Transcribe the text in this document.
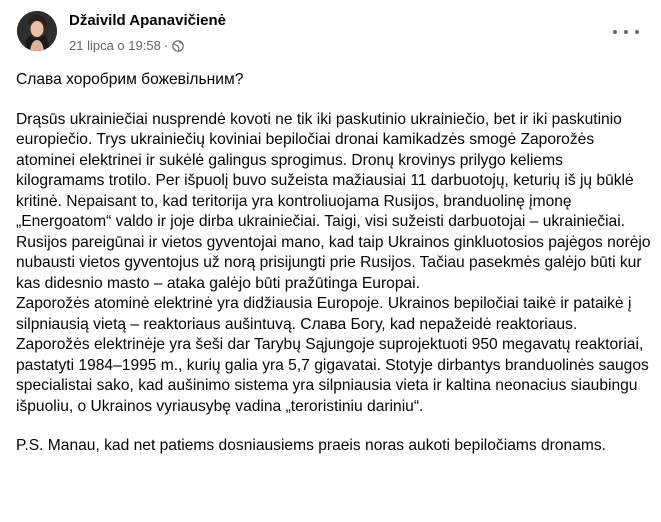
Džaivild Apanavičienė
21 lipca o 19:58 ·

Слава хоробрим божевільним?

Drąsūs ukrainiečiai nusprendė kovoti ne tik iki paskutinio ukrainiečio, bet ir iki paskutinio europiečio. Trys ukrainiečių koviniai bepiločiai dronai kamikadzės smogė Zaporožės atominei elektrinei ir sukėlė galingus sprogimus. Dronų krovinys prilygo keliems kilogramams trotilo. Per išpuolį buvo sužeista mažiausiai 11 darbuotojų, keturių iš jų būklė kritinė. Nepaisant to, kad teritorija yra kontroliuojama Rusijos, branduolinę įmonę „Energoatom“ valdo ir joje dirba ukrainiečiai. Taigi, visi sužeisti darbuotojai – ukrainiečiai.
Rusijos pareigūnai ir vietos gyventojai mano, kad taip Ukrainos ginkluotosios pajėgos norėjo nubausti vietos gyventojus už norą prisijungti prie Rusijos. Tačiau pasekmės galėjo būti kur kas didesnio masto – ataka galėjo būti pražūtinga Europai.
Zaporožės atominė elektrinė yra didžiausia Europoje. Ukrainos bepiločiai taikė ir pataikė į silpniausią vietą – reaktoriaus aušintuvą. Слава Богу, kad nepažeidė reaktoriaus. Zaporožės elektrinėje yra šeši dar Tarybų Sąjungoje suprojektuoti 950 megavatų reaktoriai, pastatyti 1984–1995 m., kurių galia yra 5,7 gigavatai. Stotyje dirbantys branduolinės saugos specialistai sako, kad aušinimo sistema yra silpniausia vieta ir kaltina neonacius siaubingu išpuoliu, o Ukrainos vyriausybę vadina „teroristiniu dariniu“.

P.S. Manau, kad net patiems dosniausiems praeis noras aukoti bepiločiams dronams.
